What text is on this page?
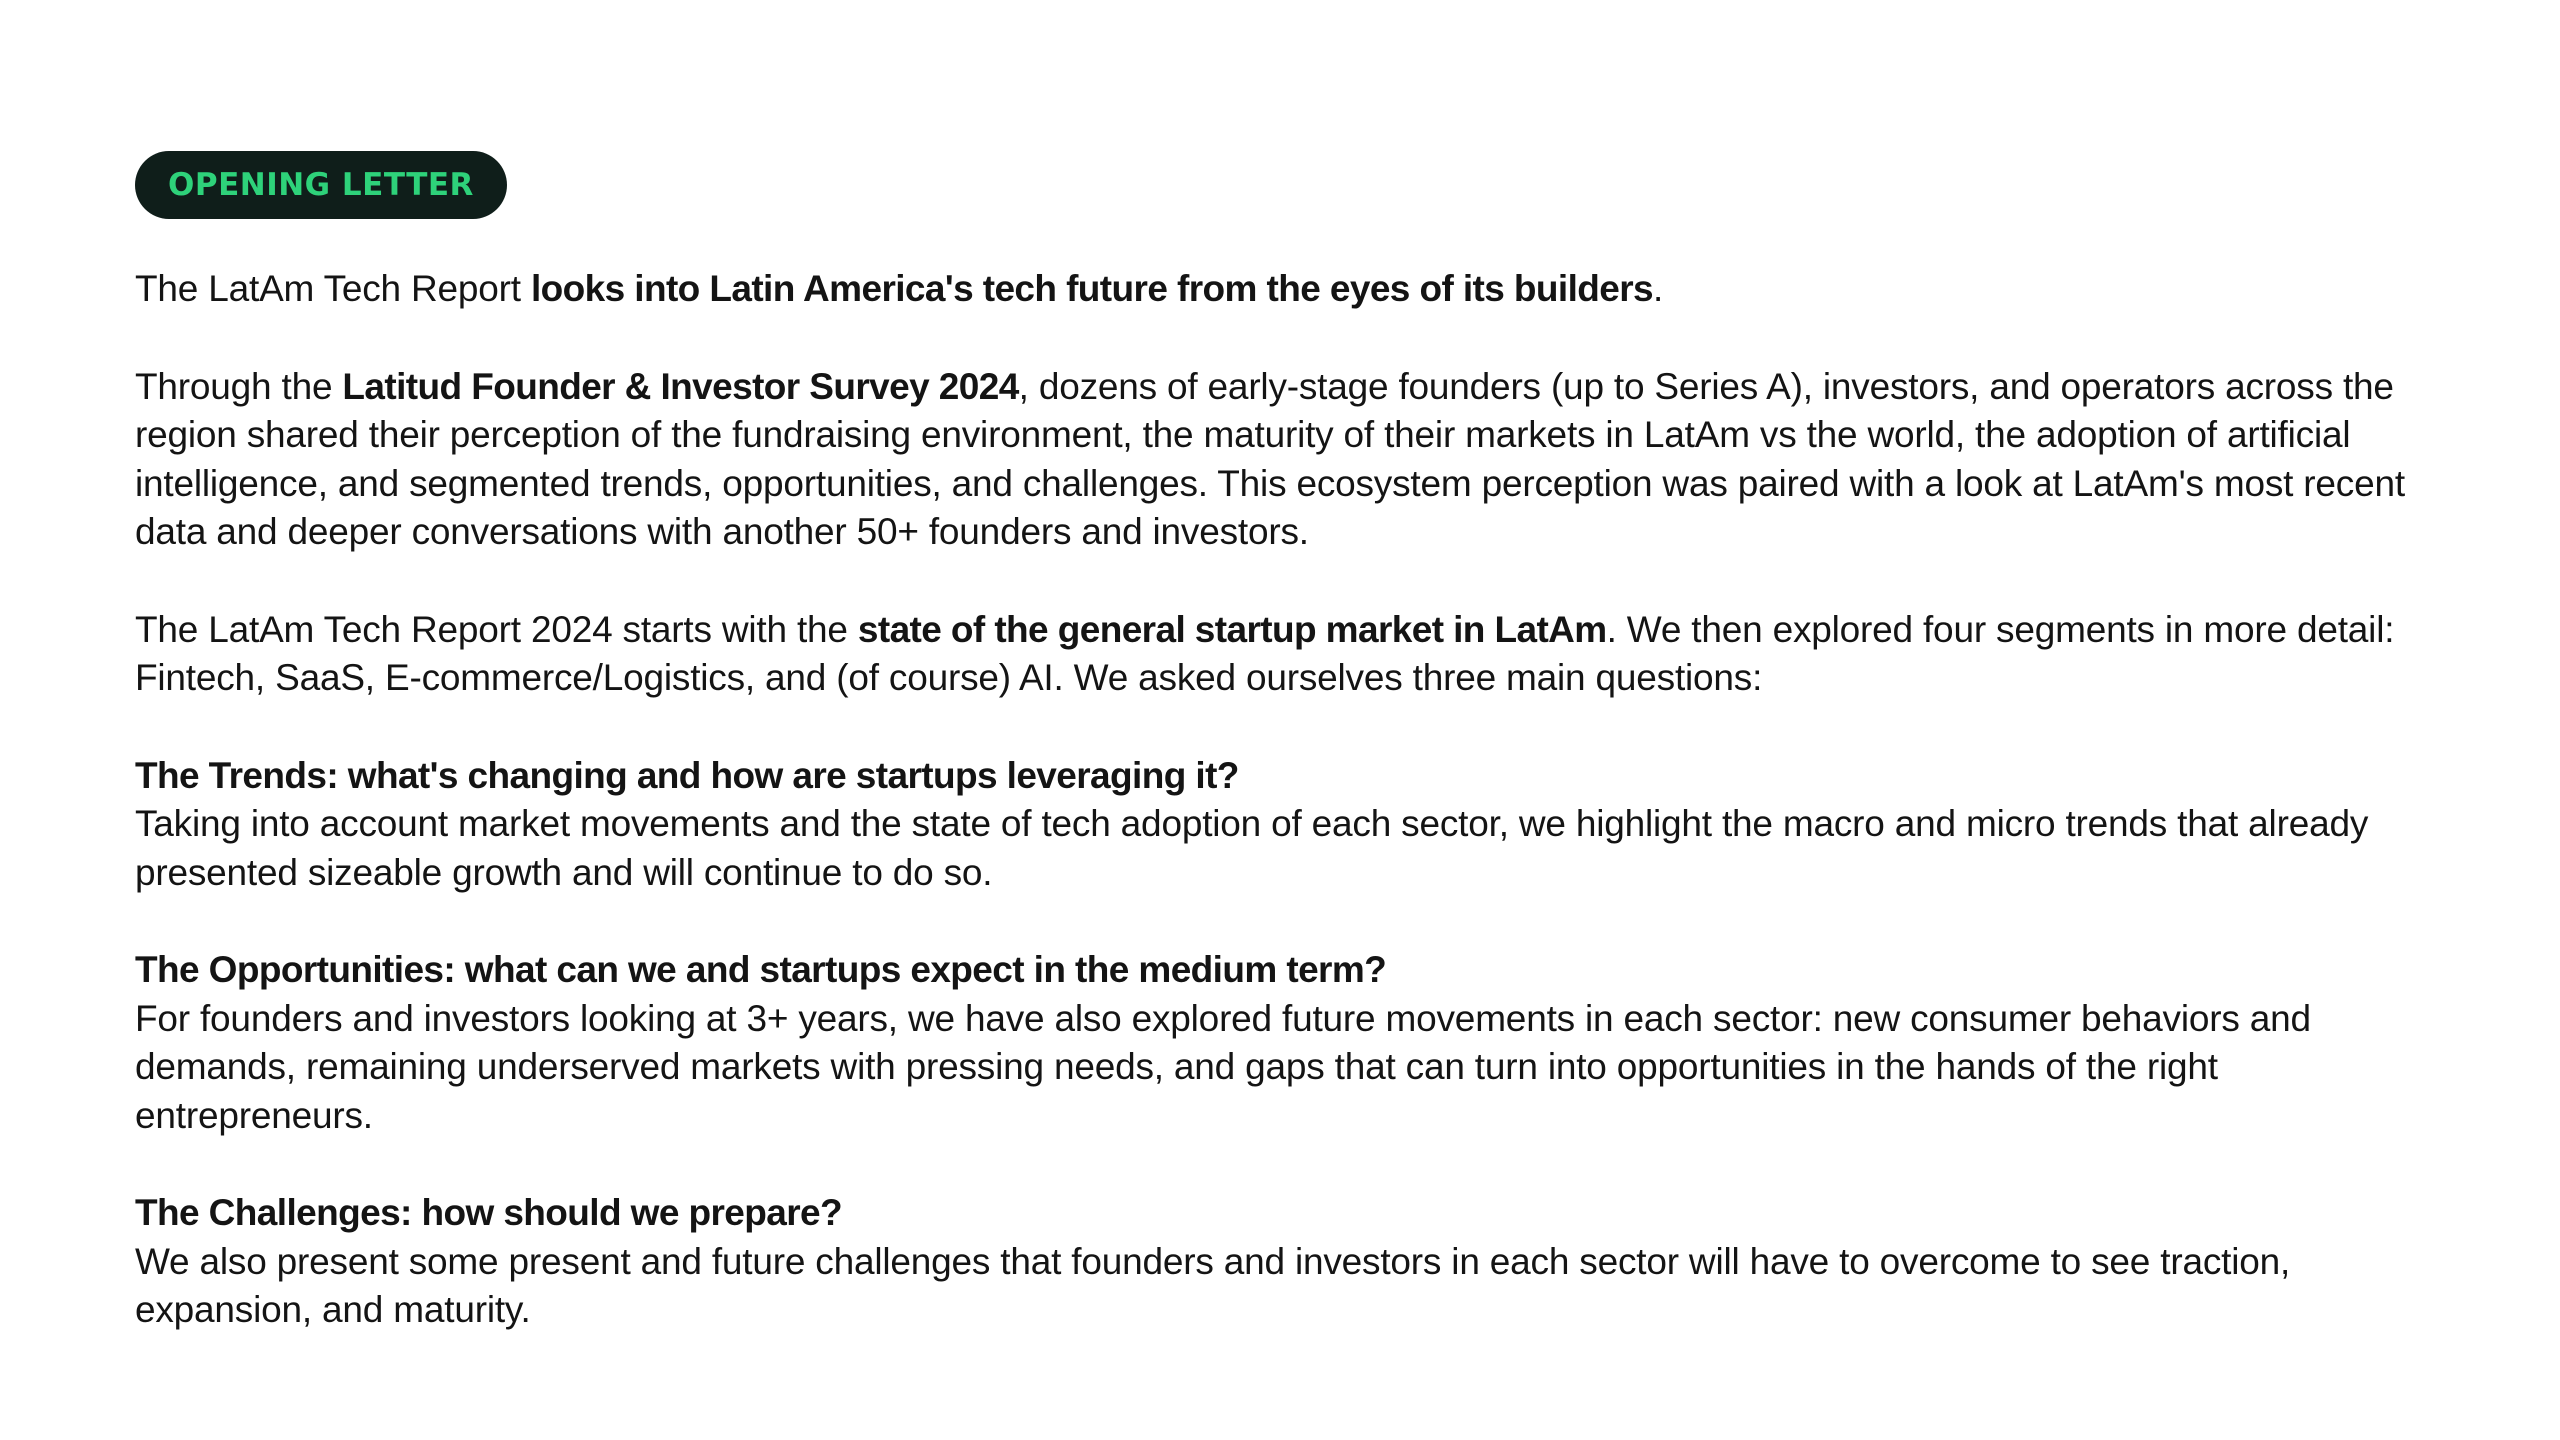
OPENING LETTER

The LatAm Tech Report looks into Latin America's tech future from the eyes of its builders.

Through the Latitud Founder & Investor Survey 2024, dozens of early-stage founders (up to Series A), investors, and operators across the region shared their perception of the fundraising environment, the maturity of their markets in LatAm vs the world, the adoption of artificial intelligence, and segmented trends, opportunities, and challenges. This ecosystem perception was paired with a look at LatAm's most recent data and deeper conversations with another 50+ founders and investors.

The LatAm Tech Report 2024 starts with the state of the general startup market in LatAm. We then explored four segments in more detail: Fintech, SaaS, E-commerce/Logistics, and (of course) AI. We asked ourselves three main questions:

The Trends: what's changing and how are startups leveraging it?

Taking into account market movements and the state of tech adoption of each sector, we highlight the macro and micro trends that already presented sizeable growth and will continue to do so.

The Opportunities: what can we and startups expect in the medium term?

For founders and investors looking at 3+ years, we have also explored future movements in each sector: new consumer behaviors and demands, remaining underserved markets with pressing needs, and gaps that can turn into opportunities in the hands of the right entrepreneurs.

The Challenges: how should we prepare?

We also present some present and future challenges that founders and investors in each sector will have to overcome to see traction, expansion, and maturity.
